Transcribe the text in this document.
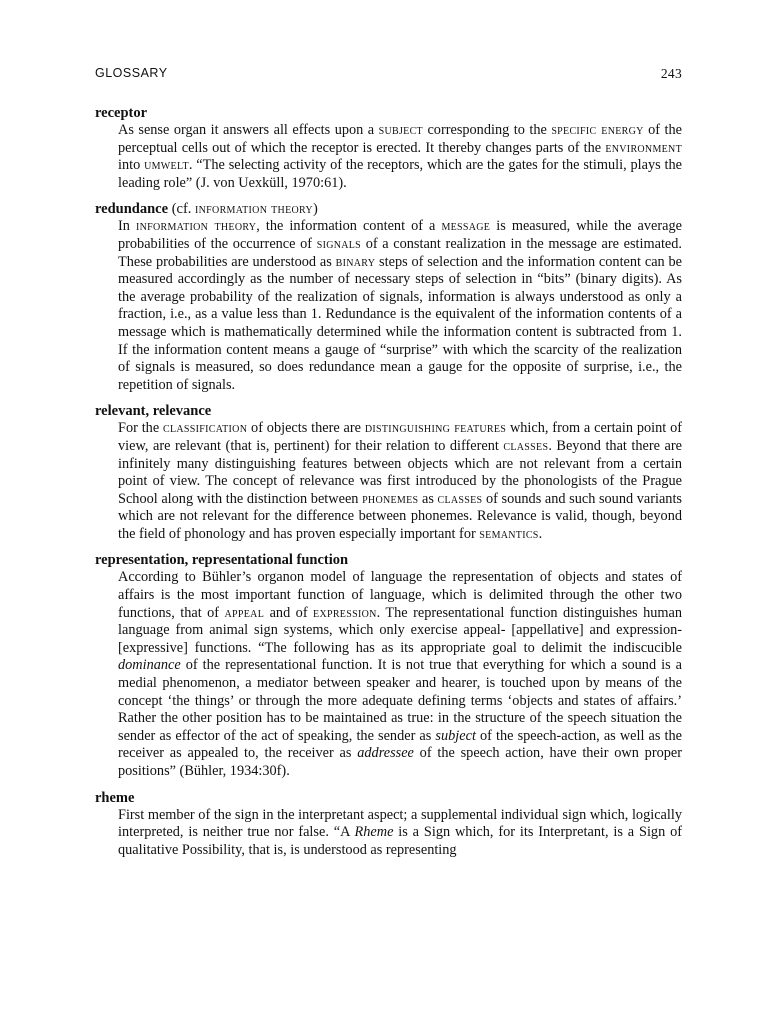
GLOSSARY	243
receptor
As sense organ it answers all effects upon a subject corresponding to the specific energy of the perceptual cells out of which the receptor is erected. It thereby changes parts of the environment into umwelt. “The selecting activity of the receptors, which are the gates for the stimuli, plays the leading role” (J. von Uexküll, 1970:61).
redundance (cf. information theory)
In information theory, the information content of a message is measured, while the average probabilities of the occurrence of signals of a constant realization in the message are estimated. These probabilities are understood as binary steps of selection and the information content can be measured accordingly as the number of necessary steps of selection in “bits” (binary digits). As the average probability of the realization of signals, information is always understood as only a fraction, i.e., as a value less than 1. Redundance is the equivalent of the information contents of a message which is mathematically determined while the information content is subtracted from 1. If the information content means a gauge of “surprise” with which the scarcity of the realization of signals is measured, so does redundance mean a gauge for the opposite of surprise, i.e., the repetition of signals.
relevant, relevance
For the classification of objects there are distinguishing features which, from a certain point of view, are relevant (that is, pertinent) for their relation to different classes. Beyond that there are infinitely many distinguishing features between objects which are not relevant from a certain point of view. The concept of relevance was first introduced by the phonologists of the Prague School along with the distinction between phonemes as classes of sounds and such sound variants which are not relevant for the difference between phonemes. Relevance is valid, though, beyond the field of phonology and has proven especially important for semantics.
representation, representational function
According to Bühler’s organon model of language the representation of objects and states of affairs is the most important function of language, which is delimited through the other two functions, that of appeal and of expression. The representational function distinguishes human language from animal sign systems, which only exercise appeal- [appellative] and expression- [expressive] functions. “The following has as its appropriate goal to delimit the indiscucible dominance of the representational function. It is not true that everything for which a sound is a medial phenomenon, a mediator between speaker and hearer, is touched upon by means of the concept ‘the things’ or through the more adequate defining terms ‘objects and states of affairs.’ Rather the other position has to be maintained as true: in the structure of the speech situation the sender as effector of the act of speaking, the sender as subject of the speech-action, as well as the receiver as appealed to, the receiver as addressee of the speech action, have their own proper positions” (Bühler, 1934:30f).
rheme
First member of the sign in the interpretant aspect; a supplemental individual sign which, logically interpreted, is neither true nor false. “A Rheme is a Sign which, for its Interpretant, is a Sign of qualitative Possibility, that is, is understood as representing
